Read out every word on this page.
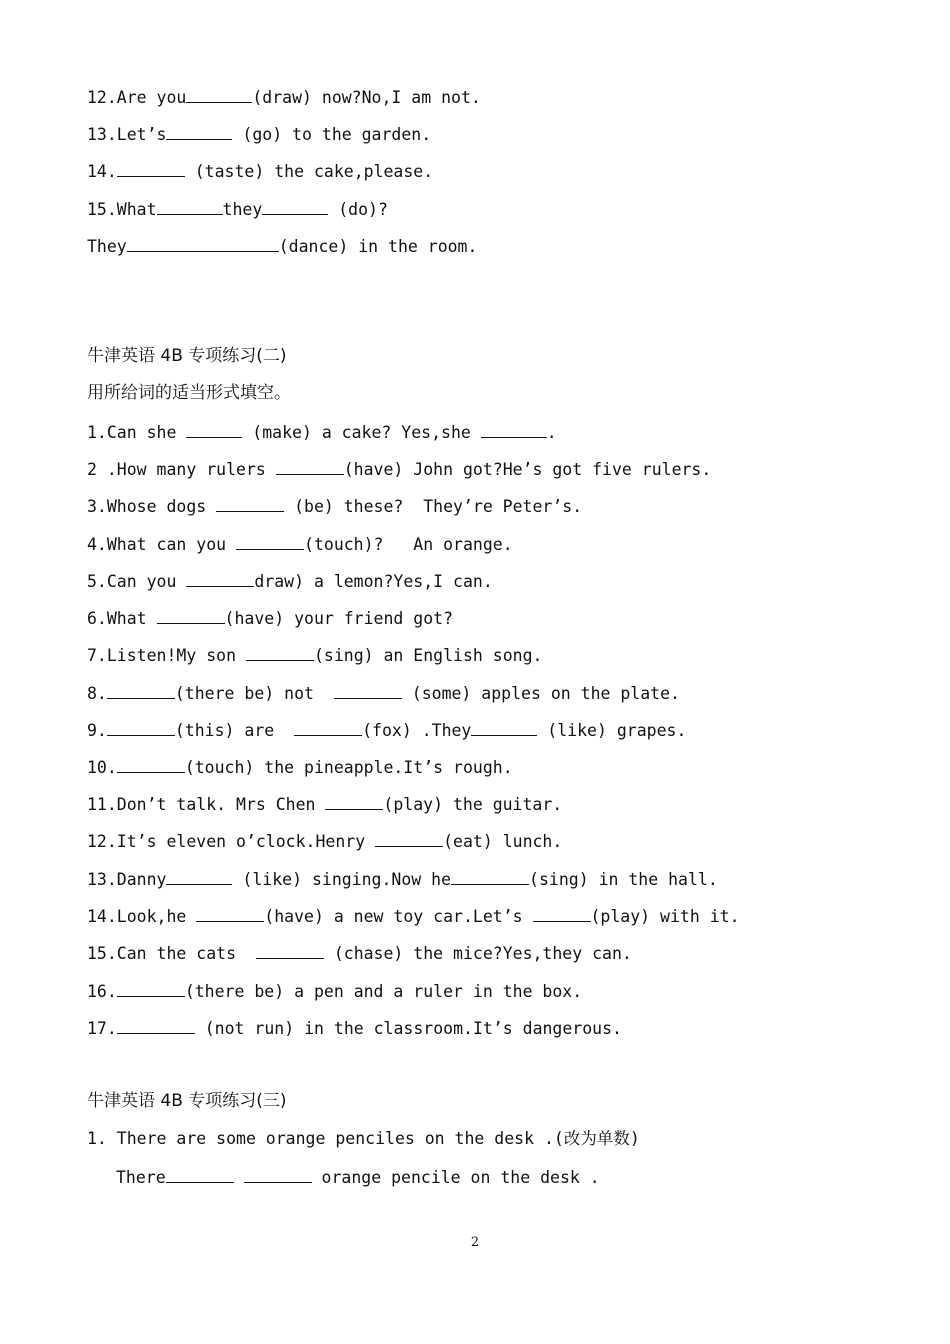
12.Are you	(draw) now?No,I am not.
13.Let’s	(go) to the garden.
14.	(taste) the cake,please.
15.What	they	(do)?
They	(dance) in the room.
牛津英语 4B 专项练习(二)
用所给词的适当形式填空。
1.Can she	(make) a cake? Yes,she	.
2 .How many rulers	(have) John got?He’s got five rulers.
3.Whose dogs	(be) these?  They’re Peter’s.
4.What can you	(touch)?   An orange.
5.Can you	draw) a lemon?Yes,I can.
6.What	(have) your friend got?
7.Listen!My son	(sing) an English song.
8.	(there be) not	(some) apples on the plate.
9.	(this) are	(fox) .They	(like) grapes.
10.	(touch) the pineapple.It’s rough.
11.Don’t talk. Mrs Chen	(play) the guitar.
12.It’s eleven o’clock.Henry	(eat) lunch.
13.Danny	(like) singing.Now he	(sing) in the hall.
14.Look,he	(have) a new toy car.Let’s	(play) with it.
15.Can the cats	(chase) the mice?Yes,they can.
16.	(there be) a pen and a ruler in the box.
17.	(not run) in the classroom.It’s dangerous.
牛津英语 4B 专项练习(三)
1. There are some orange penciles on the desk .(改为单数)
There	orange pencile on the desk .
2
